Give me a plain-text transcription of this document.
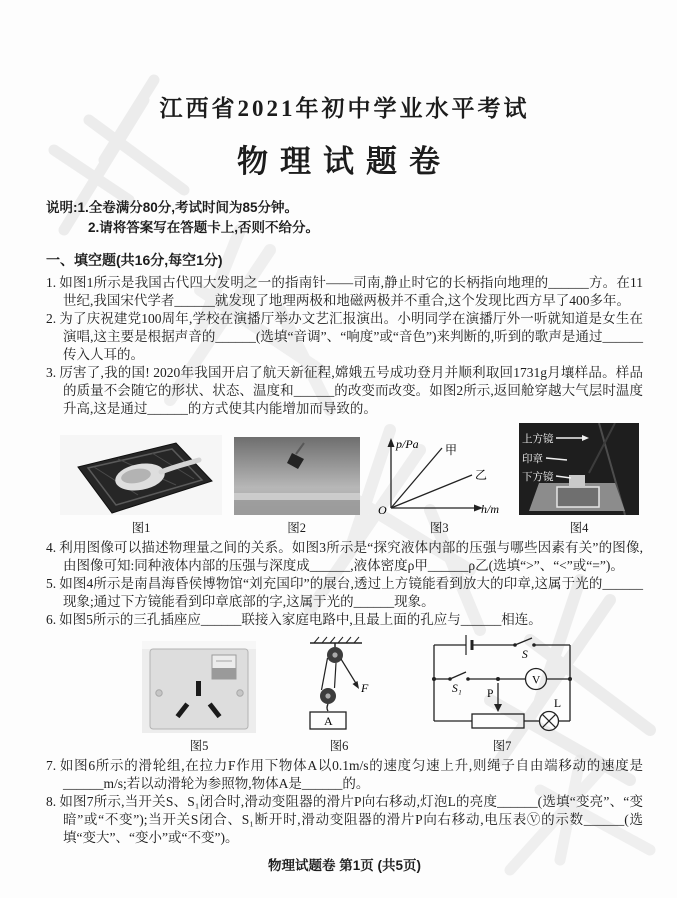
江西省2021年初中学业水平考试
物理试题卷
说明:1.全卷满分80分,考试时间为85分钟。
2.请将答案写在答题卡上,否则不给分。
一、填空题(共16分,每空1分)
1. 如图1所示是我国古代四大发明之一的指南针——司南,静止时它的长柄指向地理的______方。在11世纪,我国宋代学者______就发现了地理两极和地磁两极并不重合,这个发现比西方早了400多年。
2. 为了庆祝建党100周年,学校在演播厅举办文艺汇报演出。小明同学在演播厅外一听就知道是女生在演唱,这主要是根据声音的______(选填“音调”、“响度”或“音色”)来判断的,听到的歌声是通过______传入人耳的。
3. 厉害了,我的国! 2020年我国开启了航天新征程,嫦娥五号成功登月并顺利取回1731g月壤样品。样品的质量不会随它的形状、状态、温度和______的改变而改变。如图2所示,返回舱穿越大气层时温度升高,这是通过______的方式使其内能增加而导致的。
图1	图2
p/Pa 甲
乙
O	h/m
图3
上方镜
印章
下方镜
图4
4. 利用图像可以描述物理量之间的关系。如图3所示是“探究液体内部的压强与哪些因素有关”的图像,由图像可知:同种液体内部的压强与深度成______,液体密度ρ甲______ρ乙(选填“>”、“<”或“=”)。
5. 如图4所示是南昌海昏侯博物馆“刘充国印”的展台,透过上方镜能看到放大的印章,这属于光的______现象;通过下方镜能看到印章底部的字,这属于光的______现象。
6. 如图5所示的三孔插座应______联接入家庭电路中,且最上面的孔应与______相连。
图5
F
A
图6
S
S₁
V
P
L
图7
7. 如图6所示的滑轮组,在拉力F作用下物体A以0.1m/s的速度匀速上升,则绳子自由端移动的速度是______m/s;若以动滑轮为参照物,物体A是______的。
8. 如图7所示,当开关S、S₁闭合时,滑动变阻器的滑片P向右移动,灯泡L的亮度______(选填“变亮”、“变暗”或“不变”);当开关S闭合、S₁断开时,滑动变阻器的滑片P向右移动,电压表Ⓥ的示数______(选填“变大”、“变小”或“不变”)。
物理试题卷 第1页 (共5页)
